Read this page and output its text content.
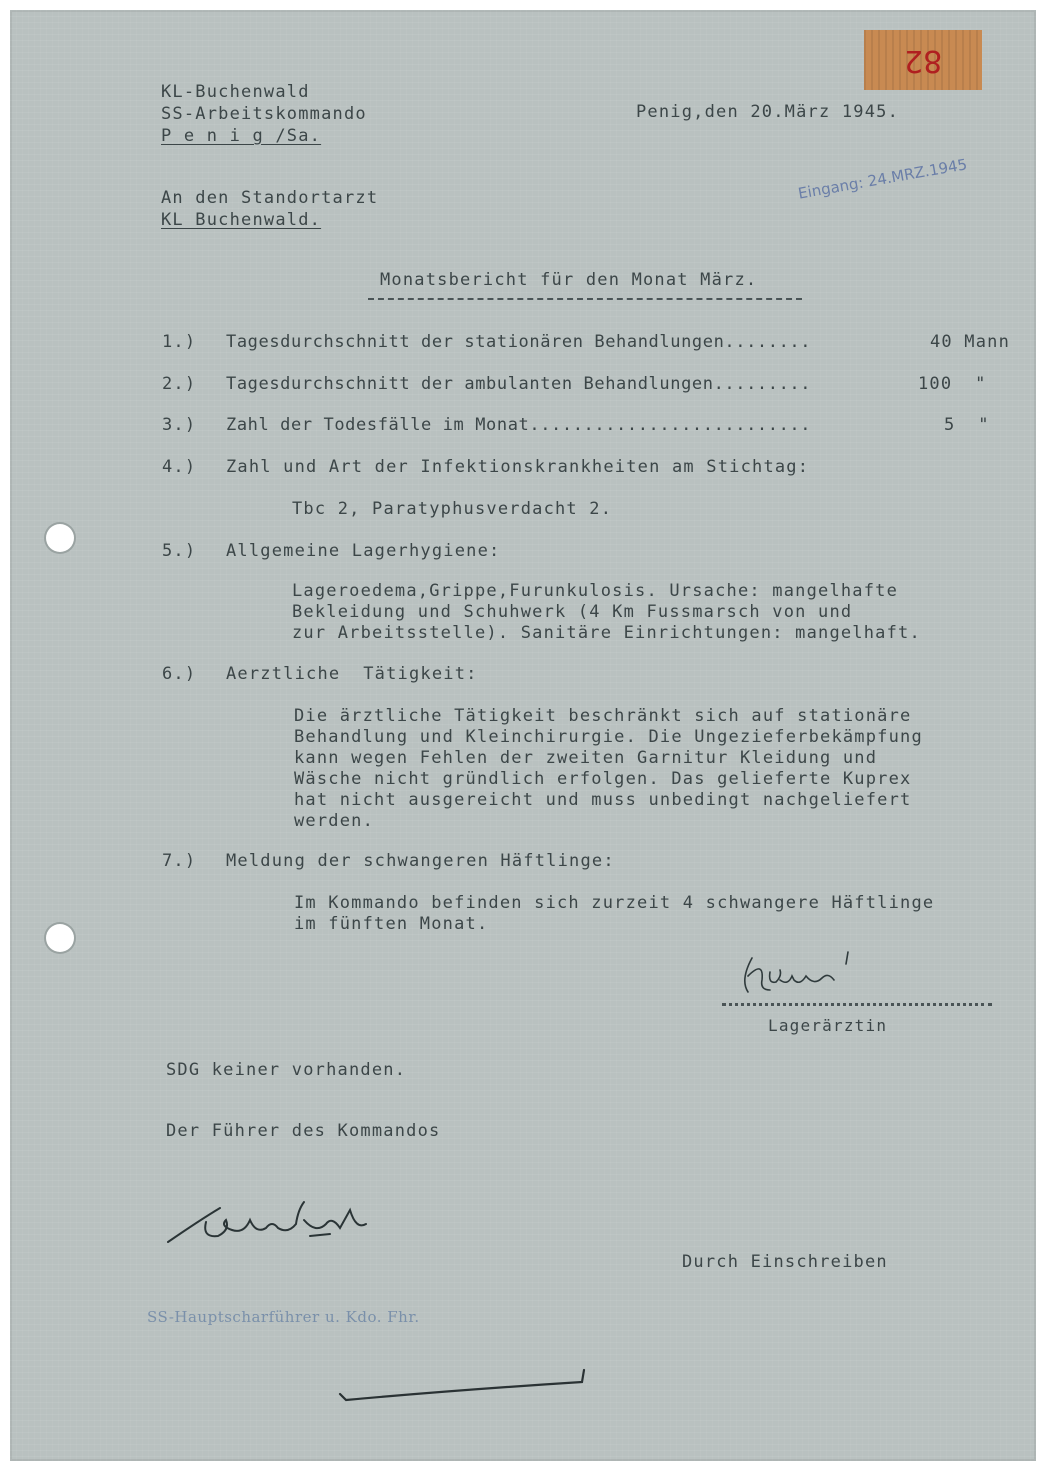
82
KL-Buchenwald
SS-Arbeitskommando
P e n i g /Sa.
Penig,den 20.März 1945.
Eingang: 24.MRZ.1945
An den Standortarzt
KL Buchenwald.
Monatsbericht für den Monat März.
1.) Tagesdurchschnitt der stationären Behandlungen........	40 Mann
2.) Tagesdurchschnitt der ambulanten Behandlungen.........	100  "
3.) Zahl der Todesfälle im Monat..........................	5  "
4.) Zahl und Art der Infektionskrankheiten am Stichtag:
Tbc 2, Paratyphusverdacht 2.
5.) Allgemeine Lagerhygiene:
Lageroedema,Grippe,Furunkulosis. Ursache: mangelhafte
Bekleidung und Schuhwerk (4 Km Fussmarsch von und
zur Arbeitsstelle). Sanitäre Einrichtungen: mangelhaft.
6.) Aerztliche  Tätigkeit:
Die ärztliche Tätigkeit beschränkt sich auf stationäre
Behandlung und Kleinchirurgie. Die Ungezieferbekämpfung
kann wegen Fehlen der zweiten Garnitur Kleidung und
Wäsche nicht gründlich erfolgen. Das gelieferte Kuprex
hat nicht ausgereicht und muss unbedingt nachgeliefert
werden.
7.) Meldung der schwangeren Häftlinge:
Im Kommando befinden sich zurzeit 4 schwangere Häftlinge
im fünften Monat.
Lagerärztin
SDG keiner vorhanden.
Der Führer des Kommandos
Durch Einschreiben
SS-Hauptscharführer u. Kdo. Fhr.
